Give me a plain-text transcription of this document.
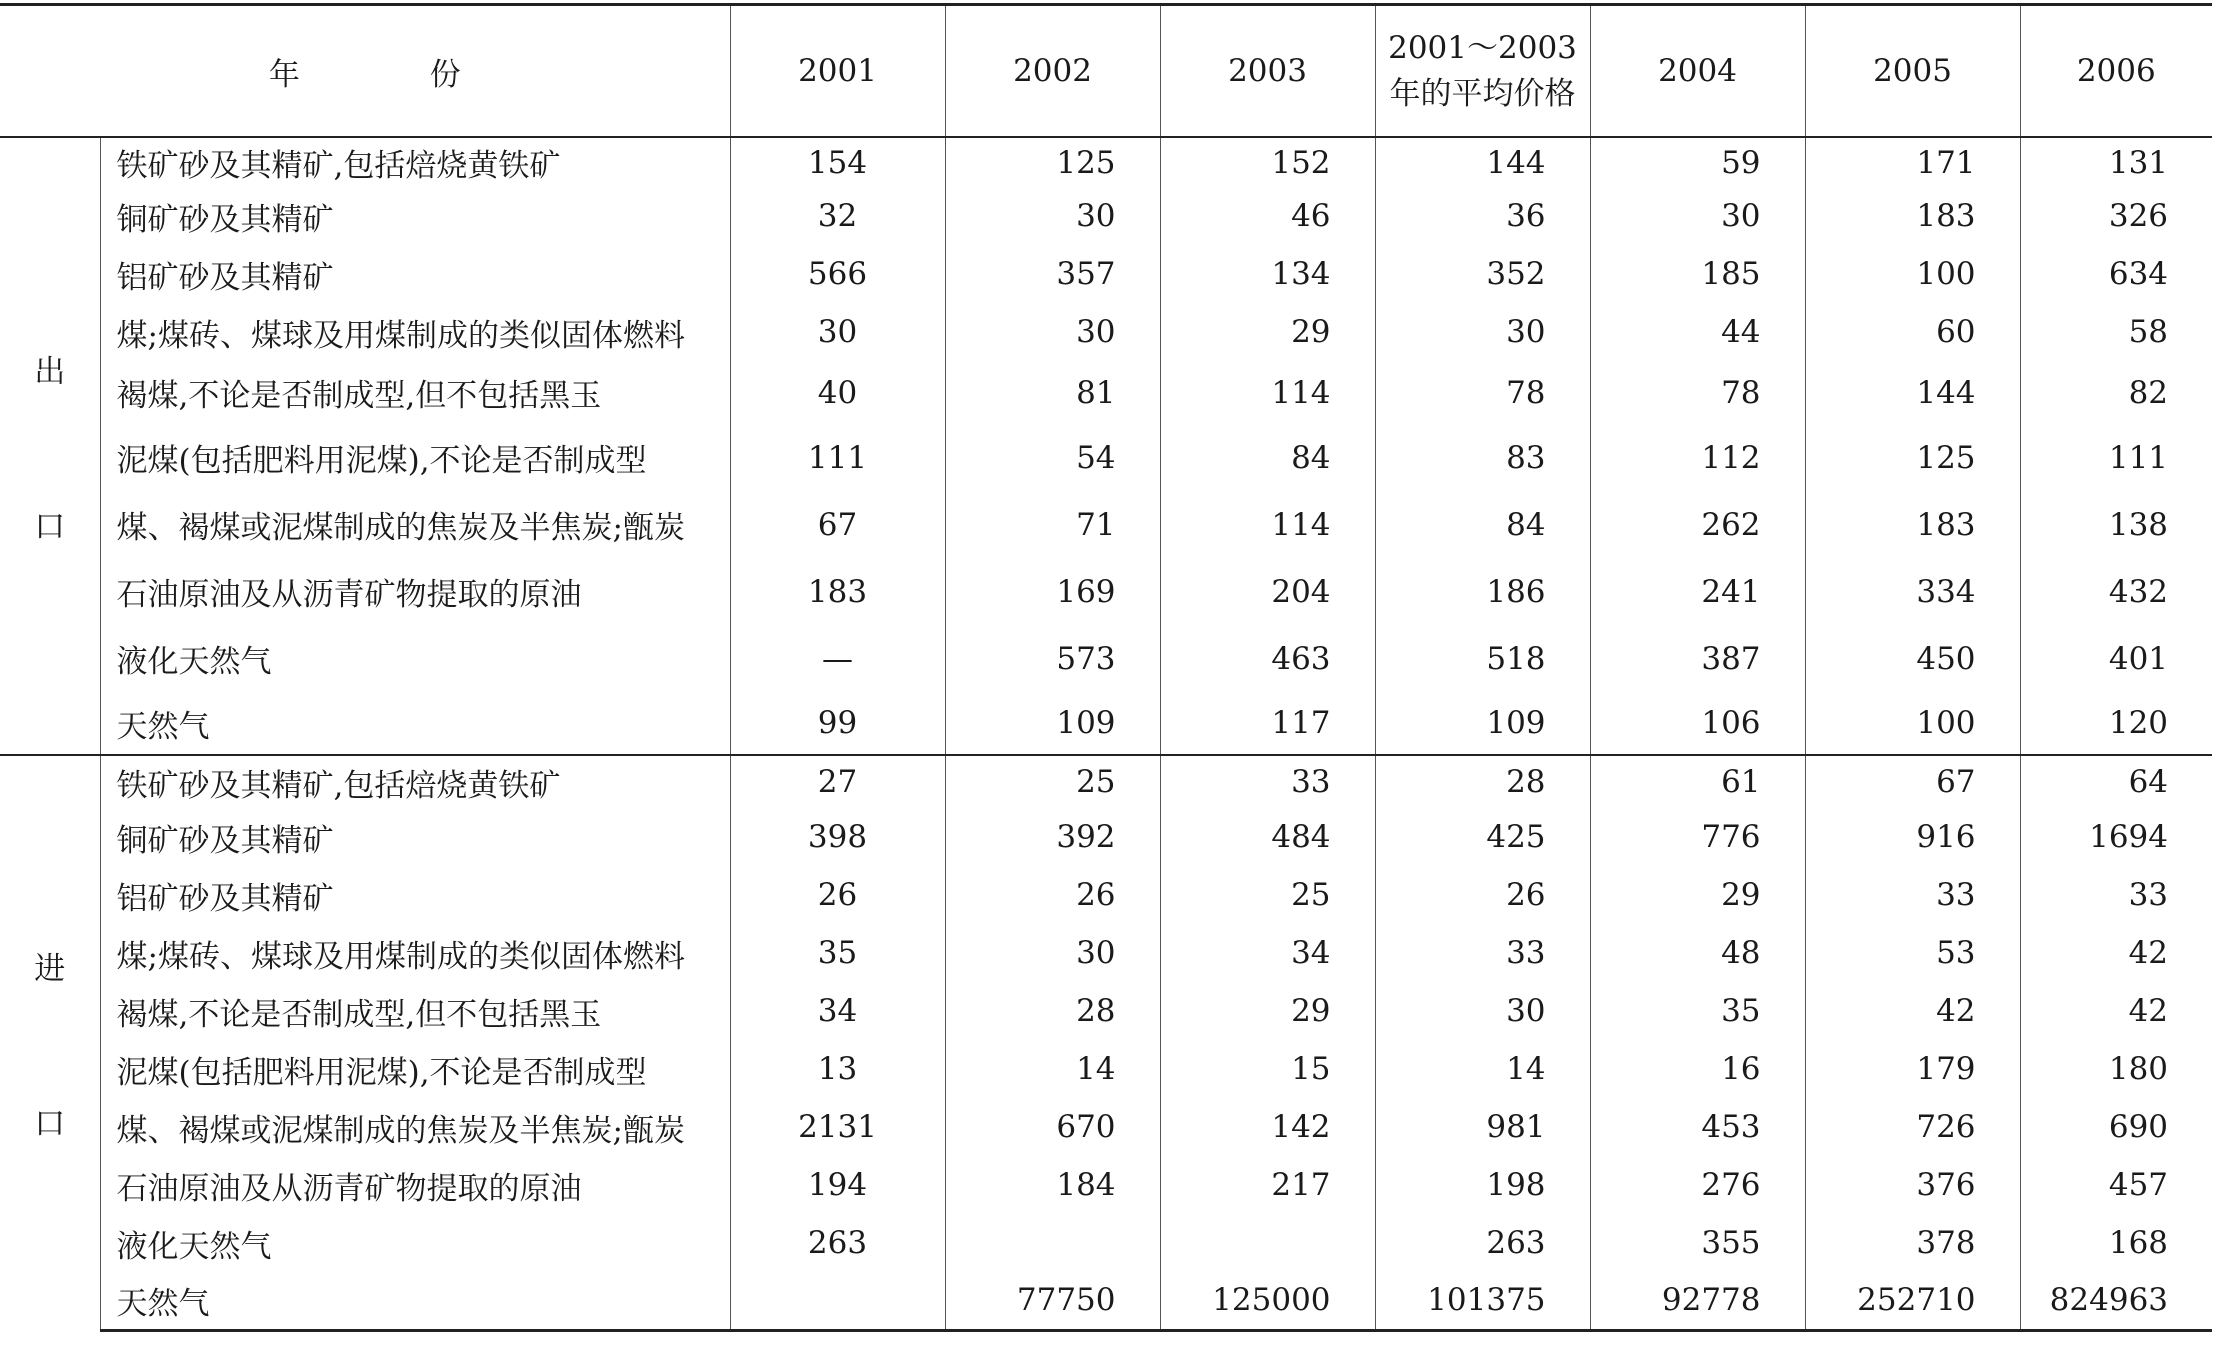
年 份		2001	2002	2003	2001～2003年的平均价格	2004	2005	2006

出
口	铁矿砂及其精矿,包括焙烧黄铁矿	154	125	152	144	59	171	131
	铜矿砂及其精矿	32	30	46	36	30	183	326
	铝矿砂及其精矿	566	357	134	352	185	100	634
	煤;煤砖、煤球及用煤制成的类似固体燃料	30	30	29	30	44	60	58
	褐煤,不论是否制成型,但不包括黑玉	40	81	114	78	78	144	82
	泥煤(包括肥料用泥煤),不论是否制成型	111	54	84	83	112	125	111
	煤、褐煤或泥煤制成的焦炭及半焦炭;甑炭	67	71	114	84	262	183	138
	石油原油及从沥青矿物提取的原油	183	169	204	186	241	334	432
	液化天然气	—	573	463	518	387	450	401
	天然气	99	109	117	109	106	100	120

进
口	铁矿砂及其精矿,包括焙烧黄铁矿	27	25	33	28	61	67	64
	铜矿砂及其精矿	398	392	484	425	776	916	1694
	铝矿砂及其精矿	26	26	25	26	29	33	33
	煤;煤砖、煤球及用煤制成的类似固体燃料	35	30	34	33	48	53	42
	褐煤,不论是否制成型,但不包括黑玉	34	28	29	30	35	42	42
	泥煤(包括肥料用泥煤),不论是否制成型	13	14	15	14	16	179	180
	煤、褐煤或泥煤制成的焦炭及半焦炭;甑炭	2131	670	142	981	453	726	690
	石油原油及从沥青矿物提取的原油	194	184	217	198	276	376	457
	液化天然气	263			263	355	378	168
	天然气		77750	125000	101375	92778	252710	824963
